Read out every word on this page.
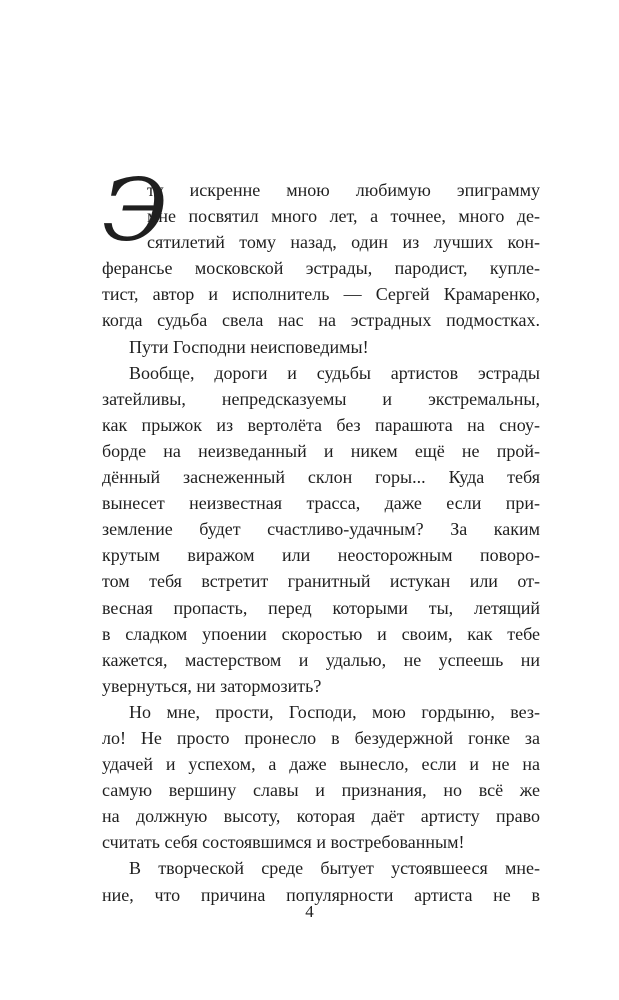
Э
ту искренне мною любимую эпиграмму
мне посвятил много лет, а точнее, много де-
сятилетий тому назад, один из лучших кон-
ферансье московской эстрады, пародист, куплe-
тист, автор и исполнитель — Сергей Крамаренко,
когда судьба свела нас на эстрадных подмостках.
Пути Господни неисповедимы!
Вообще, дороги и судьбы артистов эстрады
затейливы, непредсказуемы и экстремальны,
как прыжок из вертолёта без парашюта на сноу-
борде на неизведанный и никем ещё не прой-
дённый заснеженный склон горы... Куда тебя
вынесет неизвестная трасса, даже если при-
земление будет счастливо-удачным? За каким
крутым виражом или неосторожным поворо-
том тебя встретит гранитный истукан или от-
весная пропасть, перед которыми ты, летящий
в сладком упоении скоростью и своим, как тебе
кажется, мастерством и удалью, не успеешь ни
увернуться, ни затормозить?
Но мне, прости, Господи, мою гордыню, вез-
ло! Не просто пронесло в безудержной гонке за
удачей и успехом, а даже вынесло, если и не на
самую вершину славы и признания, но всё же
на должную высоту, которая даёт артисту право
считать себя состоявшимся и востребованным!
В творческой среде бытует устоявшееся мне-
ние, что причина популярности артиста не в
4
